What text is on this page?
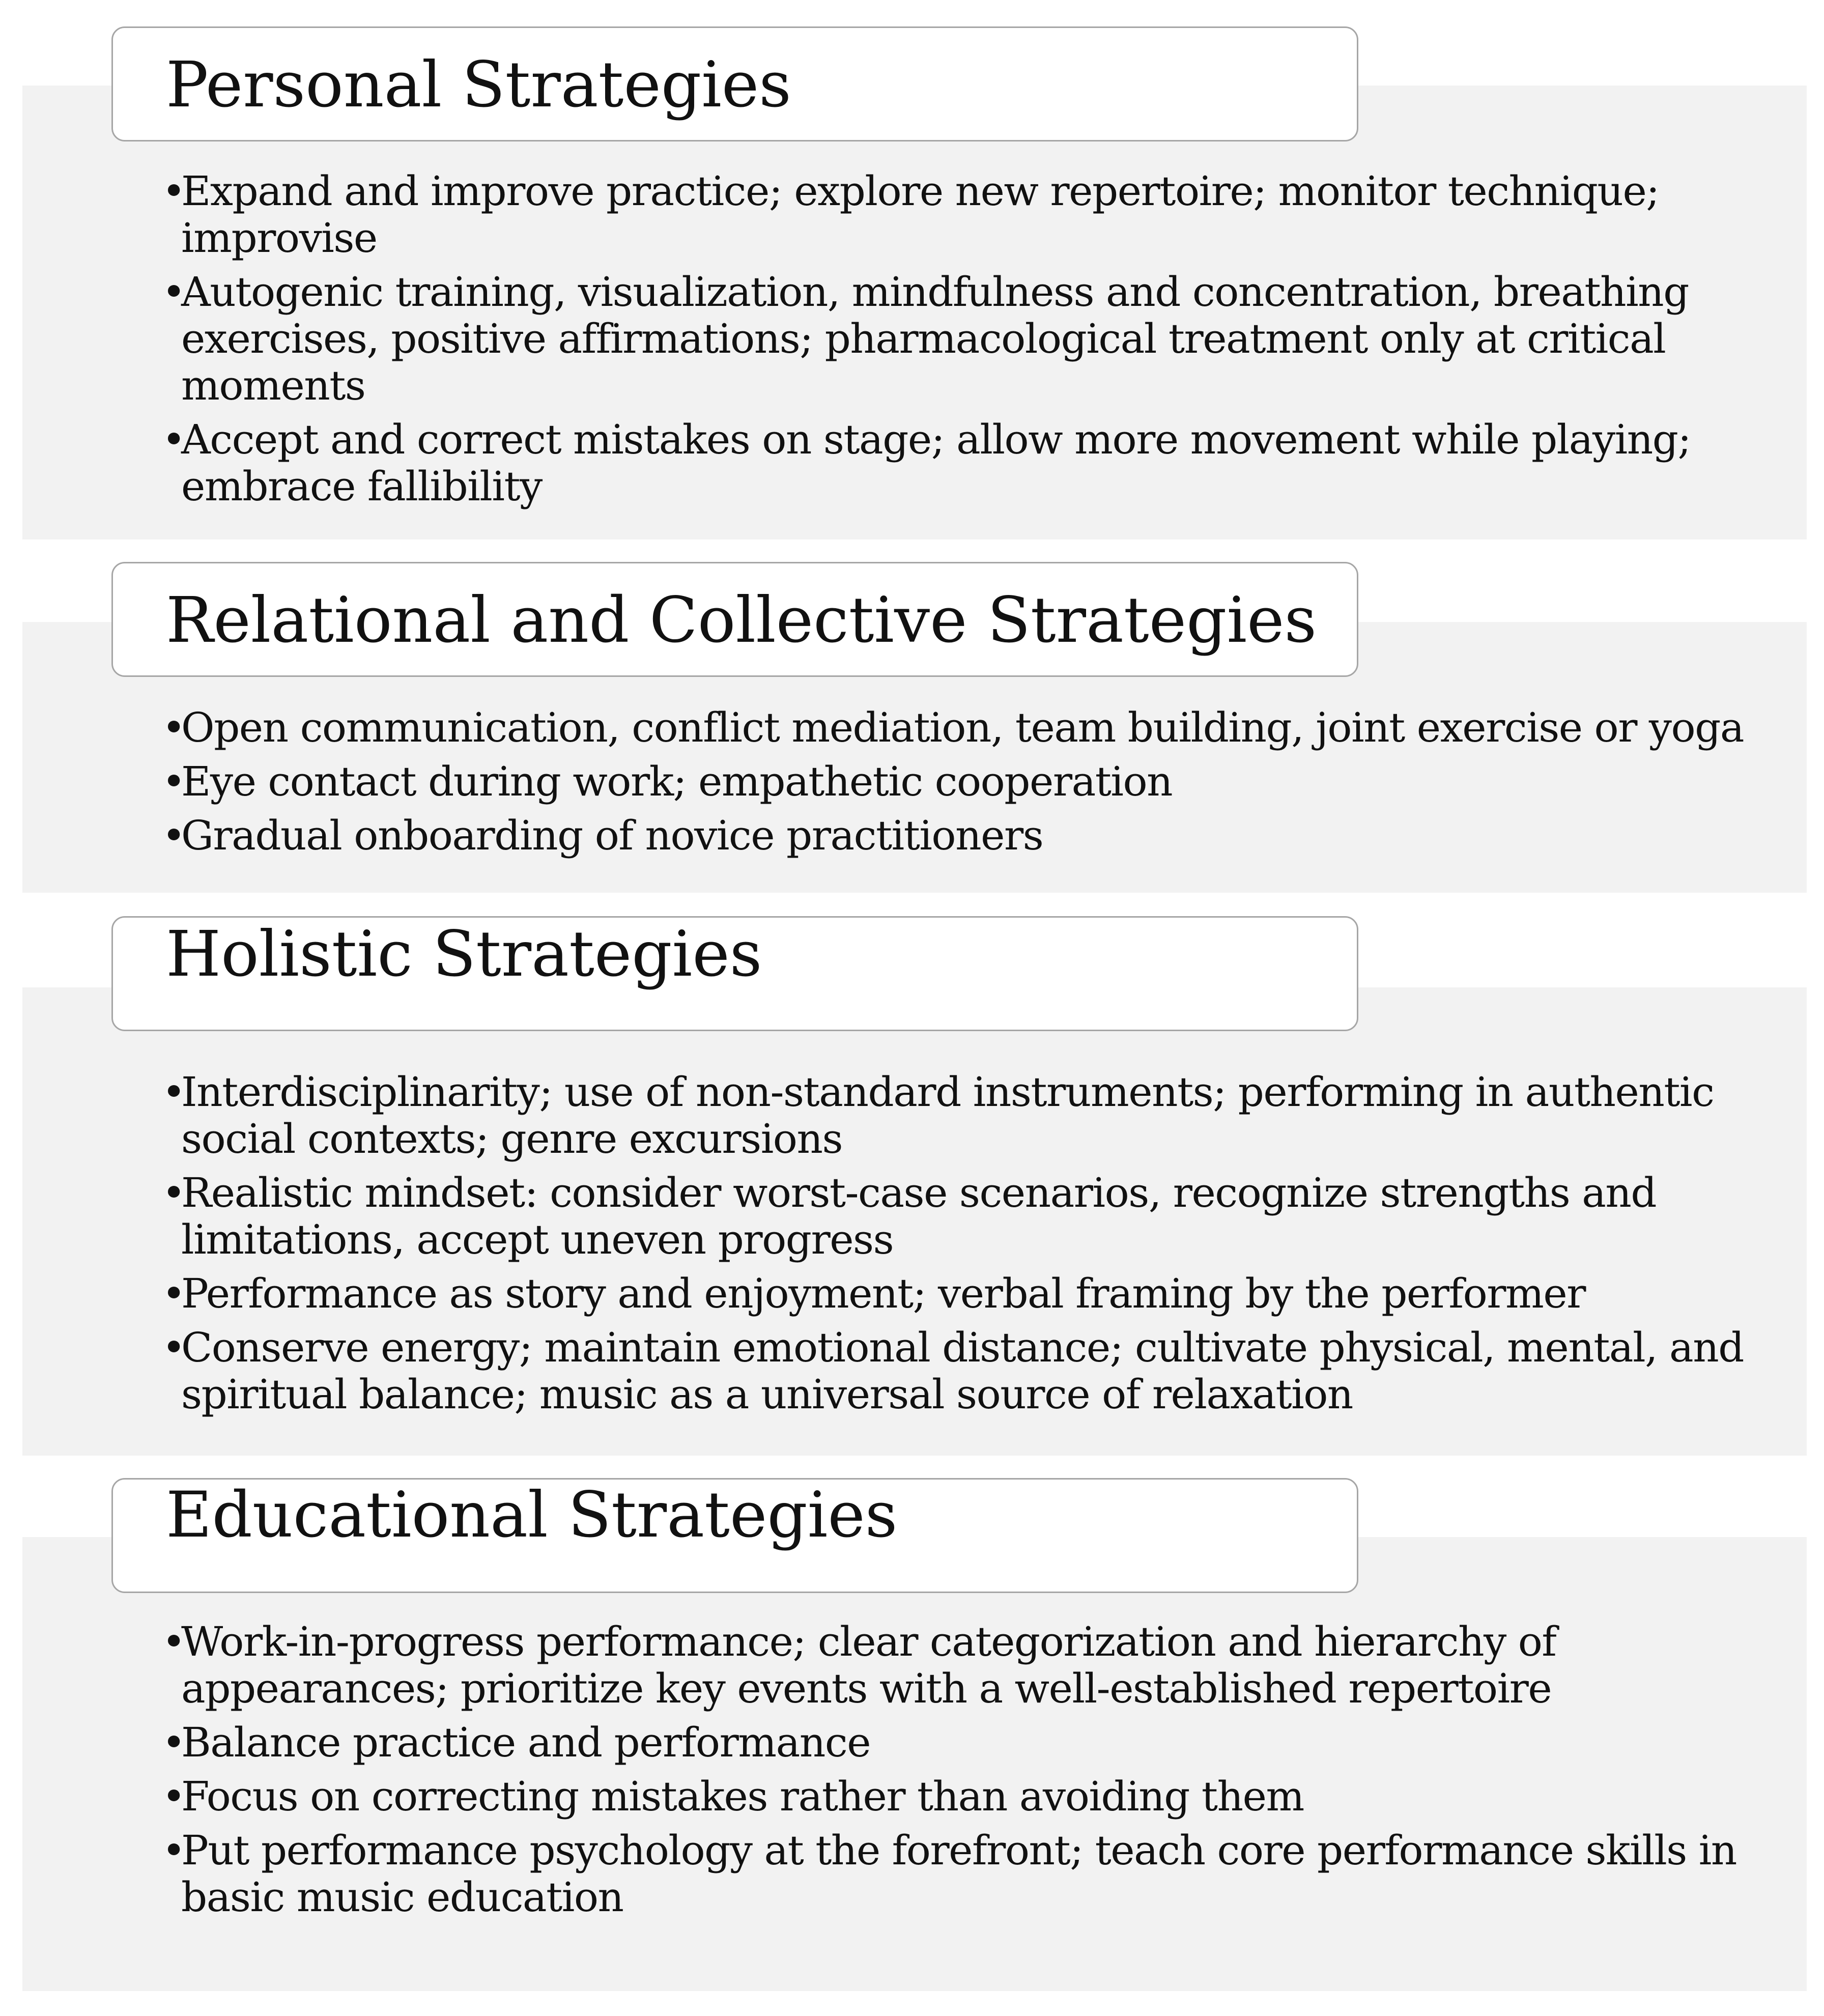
Personal Strategies
•
Expand and improve practice; explore new repertoire; monitor technique;
improvise
•
Autogenic training, visualization, mindfulness and concentration, breathing
exercises, positive affirmations; pharmacological treatment only at critical
moments
•
Accept and correct mistakes on stage; allow more movement while playing;
embrace fallibility
Relational and Collective Strategies
•
Open communication, conflict mediation, team building, joint exercise or yoga
•
Eye contact during work; empathetic cooperation
•
Gradual onboarding of novice practitioners
Holistic Strategies
•
Interdisciplinarity; use of non-standard instruments; performing in authentic
social contexts; genre excursions
•
Realistic mindset: consider worst-case scenarios, recognize strengths and
limitations, accept uneven progress
•
Performance as story and enjoyment; verbal framing by the performer
•
Conserve energy; maintain emotional distance; cultivate physical, mental, and
spiritual balance; music as a universal source of relaxation
Educational Strategies
•
Work-in-progress performance; clear categorization and hierarchy of
appearances; prioritize key events with a well-established repertoire
•
Balance practice and performance
•
Focus on correcting mistakes rather than avoiding them
•
Put performance psychology at the forefront; teach core performance skills in
basic music education
